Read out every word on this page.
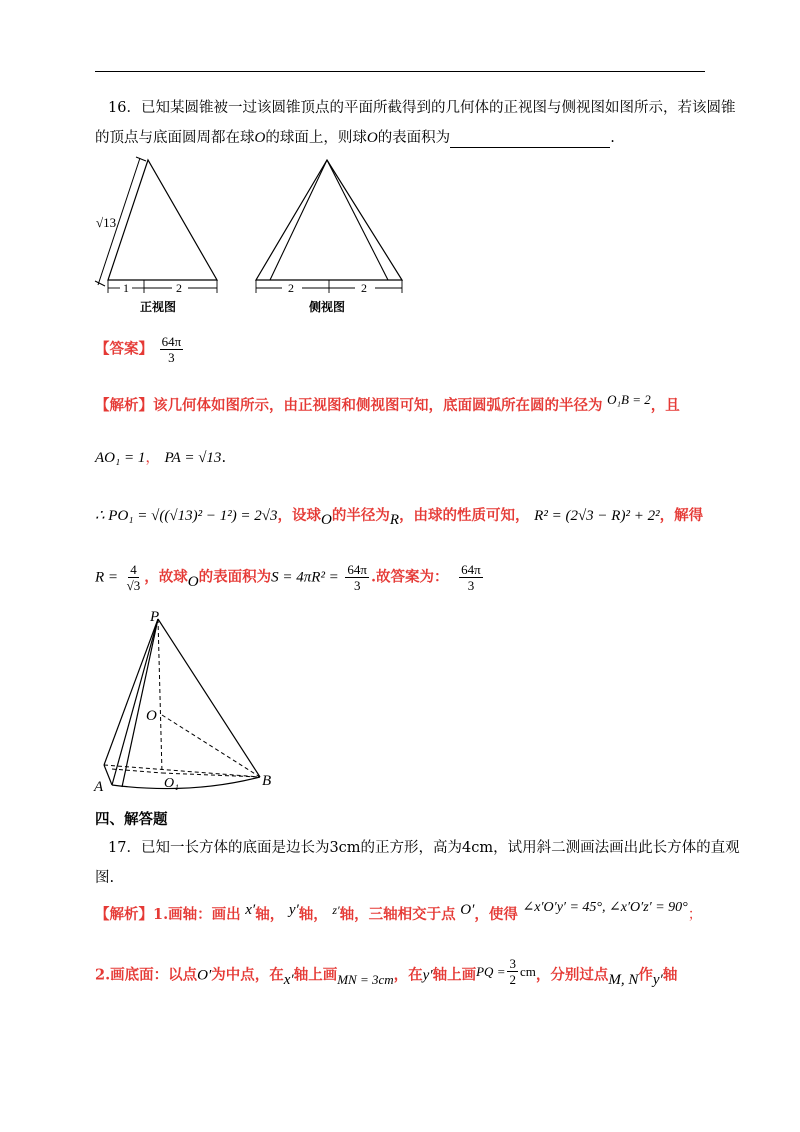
16．已知某圆锥被一过该圆锥顶点的平面所截得到的几何体的正视图与侧视图如图所示，若该圆锥
的顶点与底面圆周都在球O的球面上，则球O的表面积为	.
√13
1	2
正视图
2	2
侧视图
【答案】 $\frac{64\pi}{3}$
【解析】该几何体如图所示，由正视图和侧视图可知，底面圆弧所在圆的半径为 O₁B = 2，且
AO₁ = 1， PA = √13.
∴ PO₁ = √((√13)² − 1²) = 2√3，设球O的半径为R，由球的性质可知， R² = (2√3 − R)² + 2²，解得
$R = \frac{4}{√3}$ ，故球O的表面积为$S = 4\pi R^2 = \frac{64\pi}{3}$ .故答案为： $\frac{64\pi}{3}$
P
O
A	B
O₁
四、解答题
17．已知一长方体的底面是边长为3cm的正方形，高为4cm，试用斜二测画法画出此长方体的直观
图.
【解析】1.画轴：画出 x′轴， y′轴， $^{z'}$轴，三轴相交于点 O′，使得 ∠x′O′y′ = 45°, ∠x′O′z′ = 90°；
2.画底面：以点O′为中点，在x′轴上画MN = 3cm，在y′轴上画PQ = $\frac{3}{2}$ cm，分别过点M, N作y′轴
